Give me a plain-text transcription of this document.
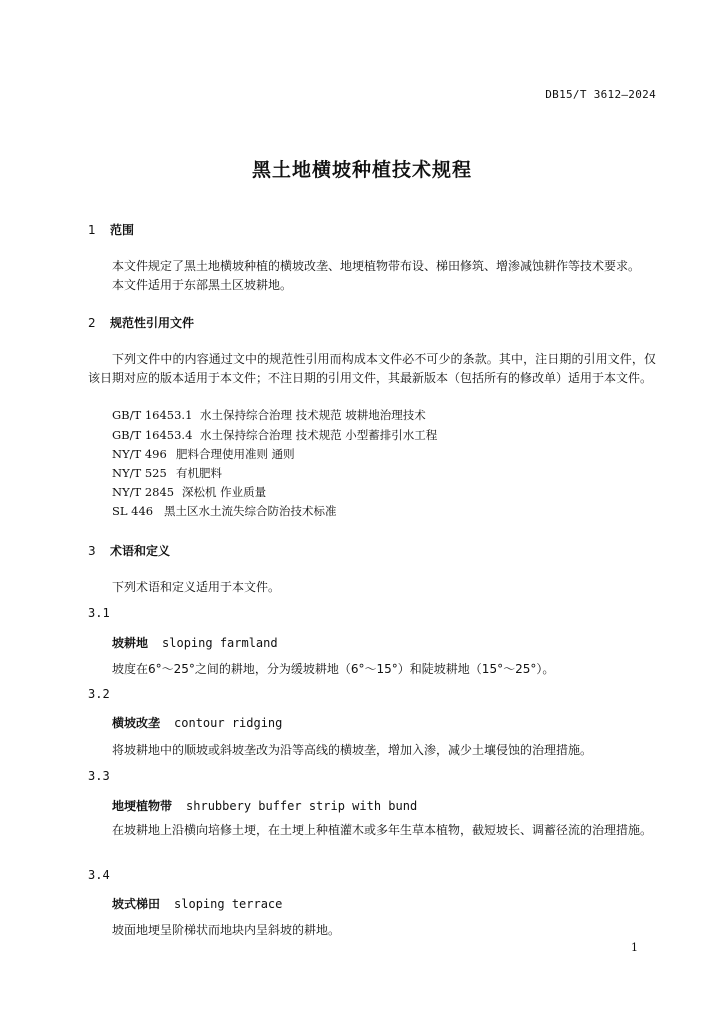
DB15/T 3612—2024
黑土地横坡种植技术规程
1 范围
本文件规定了黑土地横坡种植的横坡改垄、地埂植物带布设、梯田修筑、增渗减蚀耕作等技术要求。
本文件适用于东部黑土区坡耕地。
2 规范性引用文件
下列文件中的内容通过文中的规范性引用而构成本文件必不可少的条款。其中，注日期的引用文件，仅该日期对应的版本适用于本文件；不注日期的引用文件，其最新版本（包括所有的修改单）适用于本文件。
GB/T 16453.1 水土保持综合治理 技术规范 坡耕地治理技术
GB/T 16453.4 水土保持综合治理 技术规范 小型蓄排引水工程
NY/T 496 肥料合理使用准则 通则
NY/T 525 有机肥料
NY/T 2845 深松机 作业质量
SL 446 黑土区水土流失综合防治技术标准
3 术语和定义
下列术语和定义适用于本文件。
3.1
坡耕地 sloping farmland
坡度在6°～25°之间的耕地，分为缓坡耕地（6°～15°）和陡坡耕地（15°～25°）。
3.2
横坡改垄 contour ridging
将坡耕地中的顺坡或斜坡垄改为沿等高线的横坡垄，增加入渗，减少土壤侵蚀的治理措施。
3.3
地埂植物带 shrubbery buffer strip with bund
在坡耕地上沿横向培修土埂，在土埂上种植灌木或多年生草本植物，截短坡长、调蓄径流的治理措施。
3.4
坡式梯田 sloping terrace
坡面地埂呈阶梯状而地块内呈斜坡的耕地。
1
